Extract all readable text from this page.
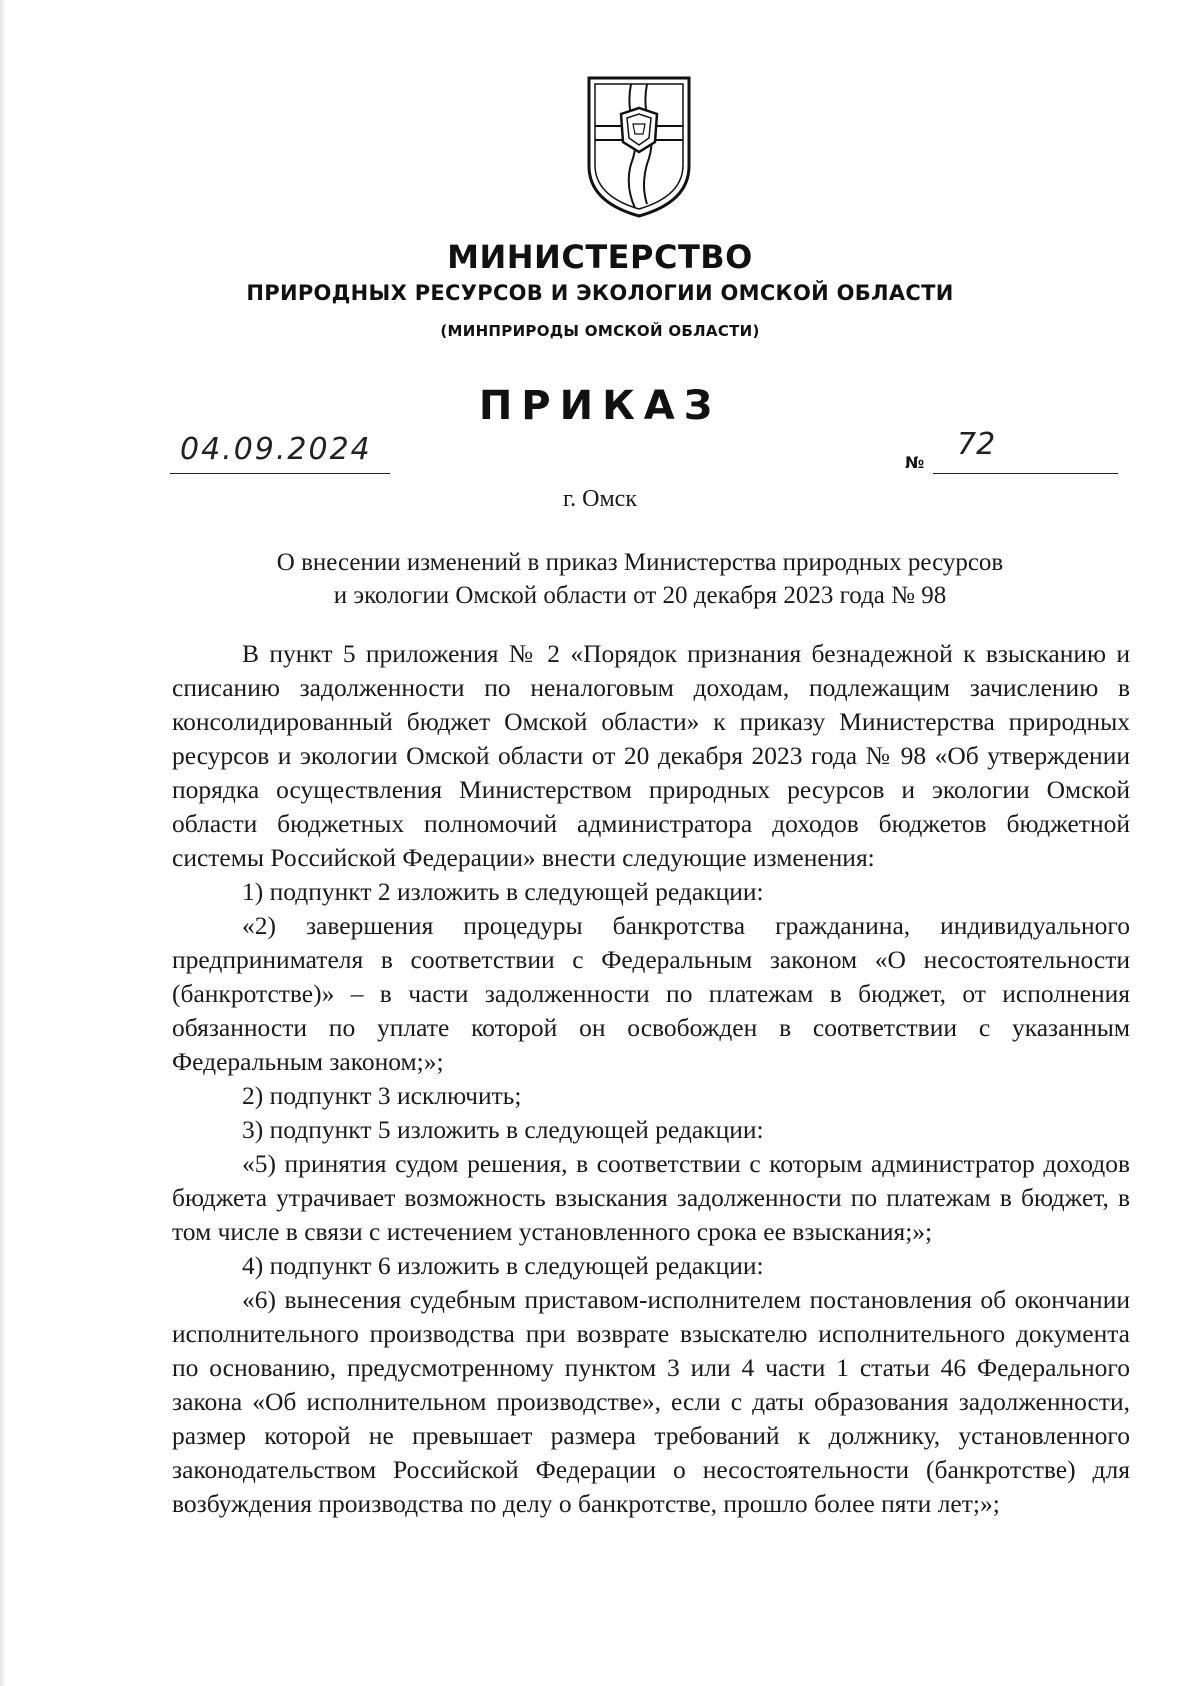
МИНИСТЕРСТВО
ПРИРОДНЫХ РЕСУРСОВ И ЭКОЛОГИИ ОМСКОЙ ОБЛАСТИ
(МИНПРИРОДЫ ОМСКОЙ ОБЛАСТИ)
ПРИКАЗ
04.09.2024	№
72
г. Омск
О внесении изменений в приказ Министерства природных ресурсов
и экологии Омской области от 20 декабря 2023 года № 98

В пункт 5 приложения № 2 «Порядок признания безнадежной к взысканию и списанию задолженности по неналоговым доходам, подлежащим зачислению в консолидированный бюджет Омской области» к приказу Министерства природных ресурсов и экологии Омской области от 20 декабря 2023 года № 98 «Об утверждении порядка осуществления Министерством природных ресурсов и экологии Омской области бюджетных полномочий администратора доходов бюджетов бюджетной системы Российской Федерации» внести следующие изменения:

1) подпункт 2 изложить в следующей редакции:

«2) завершения процедуры банкротства гражданина, индивидуального предпринимателя в соответствии с Федеральным законом «О несостоятельности (банкротстве)» – в части задолженности по платежам в бюджет, от исполнения обязанности по уплате которой он освобожден в соответствии с указанным Федеральным законом;»;

2) подпункт 3 исключить;

3) подпункт 5 изложить в следующей редакции:

«5) принятия судом решения, в соответствии с которым администратор доходов бюджета утрачивает возможность взыскания задолженности по платежам в бюджет, в том числе в связи с истечением установленного срока ее взыскания;»;

4) подпункт 6 изложить в следующей редакции:

«6) вынесения судебным приставом-исполнителем постановления об окончании исполнительного производства при возврате взыскателю исполнительного документа по основанию, предусмотренному пунктом 3 или 4 части 1 статьи 46 Федерального закона «Об исполнительном производстве», если с даты образования задолженности, размер которой не превышает размера требований к должнику, установленного законодательством Российской Федерации о несостоятельности (банкротстве) для возбуждения производства по делу о банкротстве, прошло более пяти лет;»;
